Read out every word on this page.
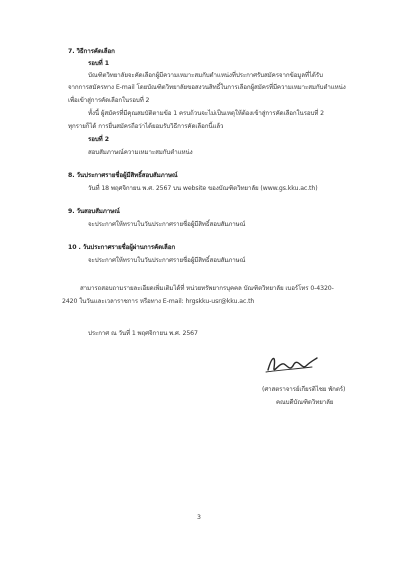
7. วิธีการคัดเลือก
รอบที่ 1
บัณฑิตวิทยาลัยจะคัดเลือกผู้มีความเหมาะสมกับตำแหน่งที่ประกาศรับสมัครจากข้อมูลที่ได้รับ
จากการสมัครทาง E-mail โดยบัณฑิตวิทยาลัยขอสงวนสิทธิ์ในการเลือกผู้สมัครที่มีความเหมาะสมกับตำแหน่ง
เพื่อเข้าสู่การคัดเลือกในรอบที่ 2
ทั้งนี้ ผู้สมัครที่มีคุณสมบัติตามข้อ 1 ครบถ้วนจะไม่เป็นเหตุให้ต้องเข้าสู่การคัดเลือกในรอบที่ 2
ทุกรายก็ได้ การยื่นสมัครถือว่าได้ยอมรับวิธีการคัดเลือกนี้แล้ว
รอบที่ 2
สอบสัมภาษณ์ความเหมาะสมกับตำแหน่ง
8. วันประกาศรายชื่อผู้มีสิทธิ์สอบสัมภาษณ์
วันที่ 18 พฤศจิกายน พ.ศ. 2567 บน website ของบัณฑิตวิทยาลัย (www.gs.kku.ac.th)
9. วันสอบสัมภาษณ์
จะประกาศให้ทราบในวันประกาศรายชื่อผู้มีสิทธิ์สอบสัมภาษณ์
10 . วันประกาศรายชื่อผู้ผ่านการคัดเลือก
จะประกาศให้ทราบในวันประกาศรายชื่อผู้มีสิทธิ์สอบสัมภาษณ์
สามารถสอบถามรายละเอียดเพิ่มเติมได้ที่ หน่วยทรัพยากรบุคคล บัณฑิตวิทยาลัย เบอร์โทร 0-4320-
2420 ในวันและเวลาราชการ หรือทาง E-mail: hrgskku-usr@kku.ac.th
ประกาศ ณ วันที่ 1 พฤศจิกายน พ.ศ. 2567
(ศาสตราจารย์เกียรติไชย พักตร์)
คณบดีบัณฑิตวิทยาลัย
3
